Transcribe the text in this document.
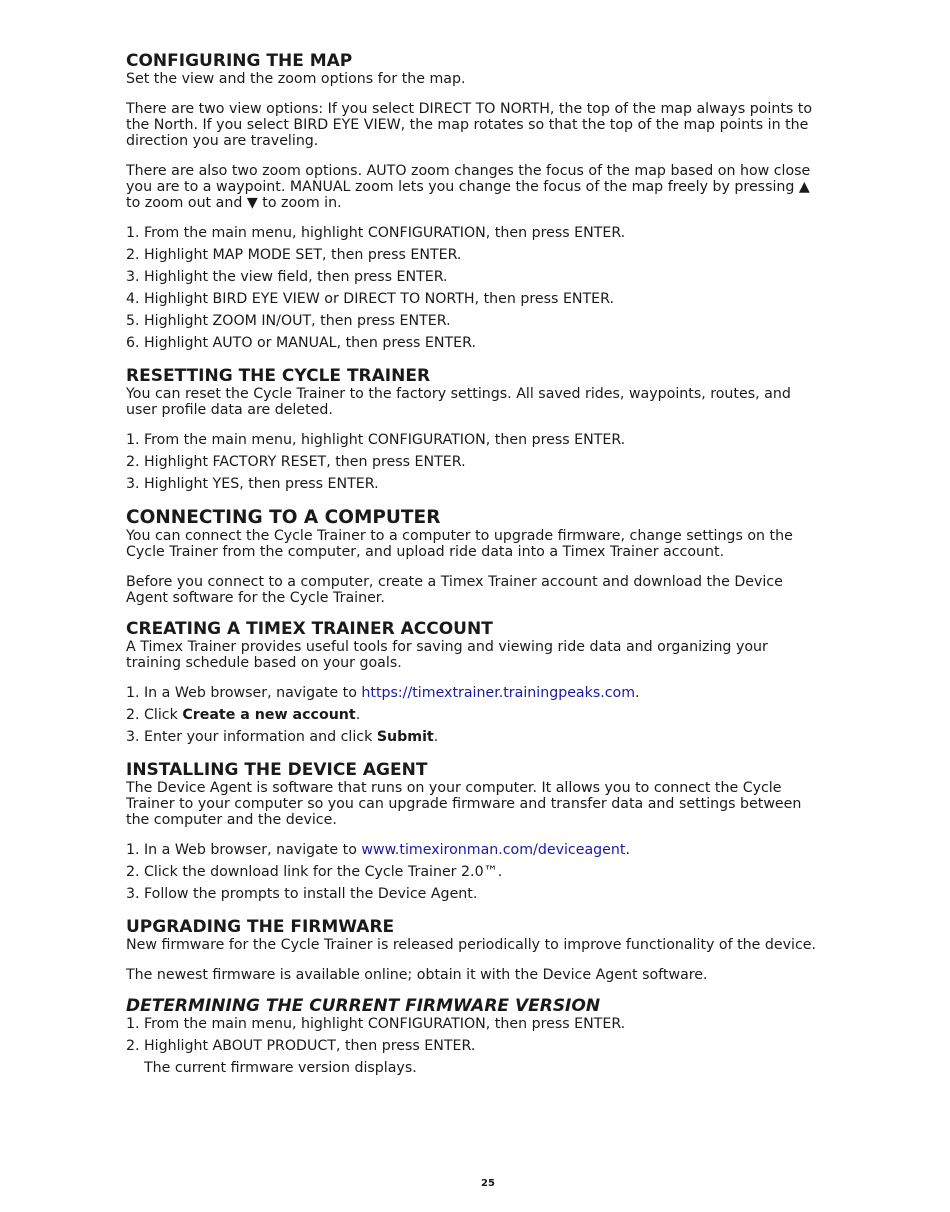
CONFIGURING THE MAP

Set the view and the zoom options for the map.

There are two view options: If you select DIRECT TO NORTH, the top of the map always points to the North. If you select BIRD EYE VIEW, the map rotates so that the top of the map points in the direction you are traveling.

There are also two zoom options. AUTO zoom changes the focus of the map based on how close you are to a waypoint. MANUAL zoom lets you change the focus of the map freely by pressing ▲ to zoom out and ▼ to zoom in.

1. From the main menu, highlight CONFIGURATION, then press ENTER.
2. Highlight MAP MODE SET, then press ENTER.
3. Highlight the view field, then press ENTER.
4. Highlight BIRD EYE VIEW or DIRECT TO NORTH, then press ENTER.
5. Highlight ZOOM IN/OUT, then press ENTER.
6. Highlight AUTO or MANUAL, then press ENTER.
RESETTING THE CYCLE TRAINER

You can reset the Cycle Trainer to the factory settings. All saved rides, waypoints, routes, and user profile data are deleted.

1. From the main menu, highlight CONFIGURATION, then press ENTER.
2. Highlight FACTORY RESET, then press ENTER.
3. Highlight YES, then press ENTER.
CONNECTING TO A COMPUTER

You can connect the Cycle Trainer to a computer to upgrade firmware, change settings on the Cycle Trainer from the computer, and upload ride data into a Timex Trainer account.

Before you connect to a computer, create a Timex Trainer account and download the Device Agent software for the Cycle Trainer.

CREATING A TIMEX TRAINER ACCOUNT

A Timex Trainer provides useful tools for saving and viewing ride data and organizing your training schedule based on your goals.

1. In a Web browser, navigate to https://timextrainer.trainingpeaks.com.
2. Click Create a new account.
3. Enter your information and click Submit.
INSTALLING THE DEVICE AGENT

The Device Agent is software that runs on your computer. It allows you to connect the Cycle Trainer to your computer so you can upgrade firmware and transfer data and settings between the computer and the device.

1. In a Web browser, navigate to www.timexironman.com/deviceagent.
2. Click the download link for the Cycle Trainer 2.0™.
3. Follow the prompts to install the Device Agent.
UPGRADING THE FIRMWARE

New firmware for the Cycle Trainer is released periodically to improve functionality of the device.

The newest firmware is available online; obtain it with the Device Agent software.

DETERMINING THE CURRENT FIRMWARE VERSION
1. From the main menu, highlight CONFIGURATION, then press ENTER.
2. Highlight ABOUT PRODUCT, then press ENTER.
The current firmware version displays.
25
